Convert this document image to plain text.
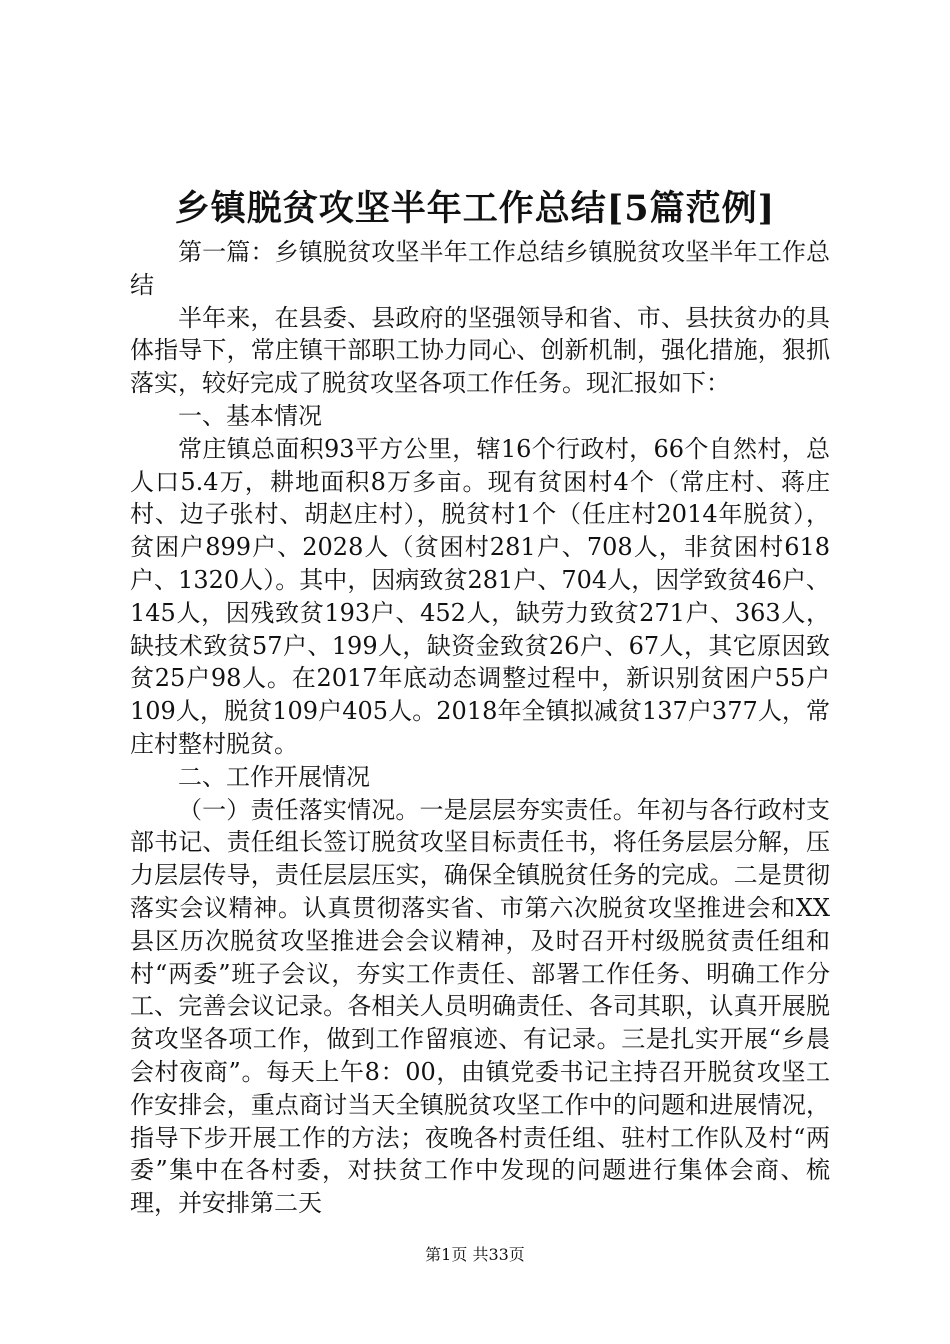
乡镇脱贫攻坚半年工作总结[5篇范例]

第一篇：乡镇脱贫攻坚半年工作总结乡镇脱贫攻坚半年工作总结

半年来，在县委、县政府的坚强领导和省、市、县扶贫办的具体指导下，常庄镇干部职工协力同心、创新机制，强化措施，狠抓落实，较好完成了脱贫攻坚各项工作任务。现汇报如下：

一、基本情况

常庄镇总面积93平方公里，辖16个行政村，66个自然村，总人口5.4万，耕地面积8万多亩。现有贫困村4个（常庄村、蒋庄村、边子张村、胡赵庄村），脱贫村1个（任庄村2014年脱贫），贫困户899户、2028人（贫困村281户、708人，非贫困村618户、1320人）。其中，因病致贫281户、704人，因学致贫46户、145人，因残致贫193户、452人，缺劳力致贫271户、363人，缺技术致贫57户、199人，缺资金致贫26户、67人，其它原因致贫25户98人。在2017年底动态调整过程中，新识别贫困户55户109人，脱贫109户405人。2018年全镇拟减贫137户377人，常庄村整村脱贫。

二、工作开展情况

（一）责任落实情况。一是层层夯实责任。年初与各行政村支部书记、责任组长签订脱贫攻坚目标责任书，将任务层层分解，压力层层传导，责任层层压实，确保全镇脱贫任务的完成。二是贯彻落实会议精神。认真贯彻落实省、市第六次脱贫攻坚推进会和XX县区历次脱贫攻坚推进会会议精神，及时召开村级脱贫责任组和村“两委”班子会议，夯实工作责任、部署工作任务、明确工作分工、完善会议记录。各相关人员明确责任、各司其职，认真开展脱贫攻坚各项工作，做到工作留痕迹、有记录。三是扎实开展“乡晨会村夜商”。每天上午8：00，由镇党委书记主持召开脱贫攻坚工作安排会，重点商讨当天全镇脱贫攻坚工作中的问题和进展情况，指导下步开展工作的方法；夜晚各村责任组、驻村工作队及村“两委”集中在各村委，对扶贫工作中发现的问题进行集体会商、梳理，并安排第二天

第1页 共33页
